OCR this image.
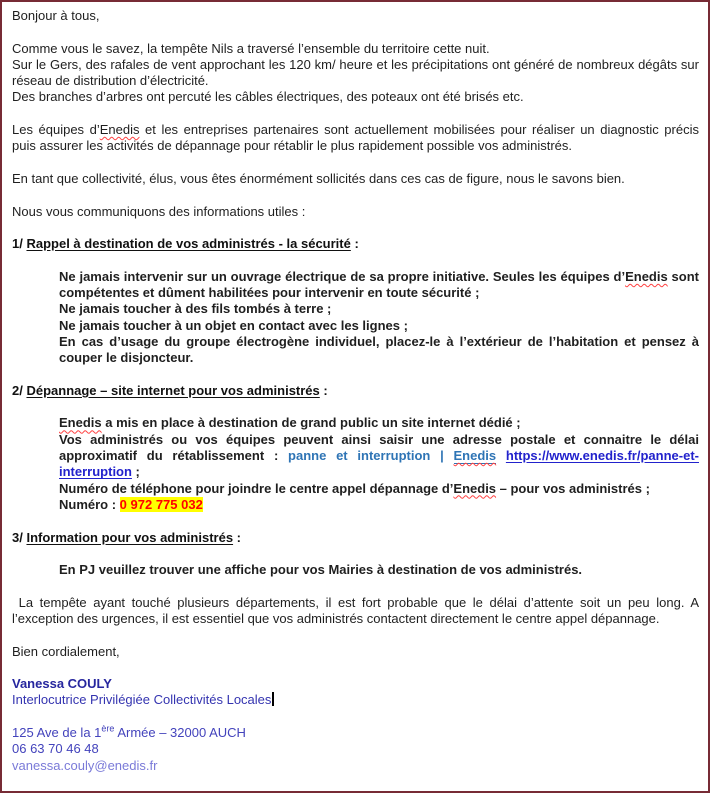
Bonjour à tous,

Comme vous le savez, la tempête Nils a traversé l’ensemble du territoire cette nuit.

Sur le Gers, des rafales de vent approchant les 120 km/ heure et les précipitations ont généré de nombreux dégâts sur réseau de distribution d’électricité.

Des branches d’arbres ont percuté les câbles électriques, des poteaux ont été brisés etc.

Les équipes d’Enedis et les entreprises partenaires sont actuellement mobilisées pour réaliser un diagnostic précis puis assurer les activités de dépannage pour rétablir le plus rapidement possible vos administrés.

En tant que collectivité, élus, vous êtes énormément sollicités dans ces cas de figure, nous le savons bien.

Nous vous communiquons des informations utiles :

1/ Rappel à destination de vos administrés - la sécurité :

Ne jamais intervenir sur un ouvrage électrique de sa propre initiative. Seules les équipes d’Enedis sont compétentes et dûment habilitées pour intervenir en toute sécurité ;

Ne jamais toucher à des fils tombés à terre ;

Ne jamais toucher à un objet en contact avec les lignes ;

En cas d’usage du groupe électrogène individuel, placez-le à l’extérieur de l’habitation et pensez à couper le disjoncteur.

2/ Dépannage – site internet pour vos administrés :

Enedis a mis en place à destination de grand public un site internet dédié ;

Vos administrés ou vos équipes peuvent ainsi saisir une adresse postale et connaitre le délai approximatif du rétablissement : panne et interruption | Enedis https://www.enedis.fr/panne-et-interruption ;

Numéro de téléphone pour joindre le centre appel dépannage d’Enedis – pour vos administrés ;

Numéro : 0 972 775 032

3/ Information pour vos administrés :

En PJ veuillez trouver une affiche pour vos Mairies à destination de vos administrés.

La tempête ayant touché plusieurs départements, il est fort probable que le délai d’attente soit un peu long. A l’exception des urgences, il est essentiel que vos administrés contactent directement le centre appel dépannage.

Bien cordialement,

Vanessa COULY

Interlocutrice Privilégiée Collectivités Locales

125 Ave de la 1ère Armée – 32000 AUCH

06 63 70 46 48

vanessa.couly@enedis.fr
